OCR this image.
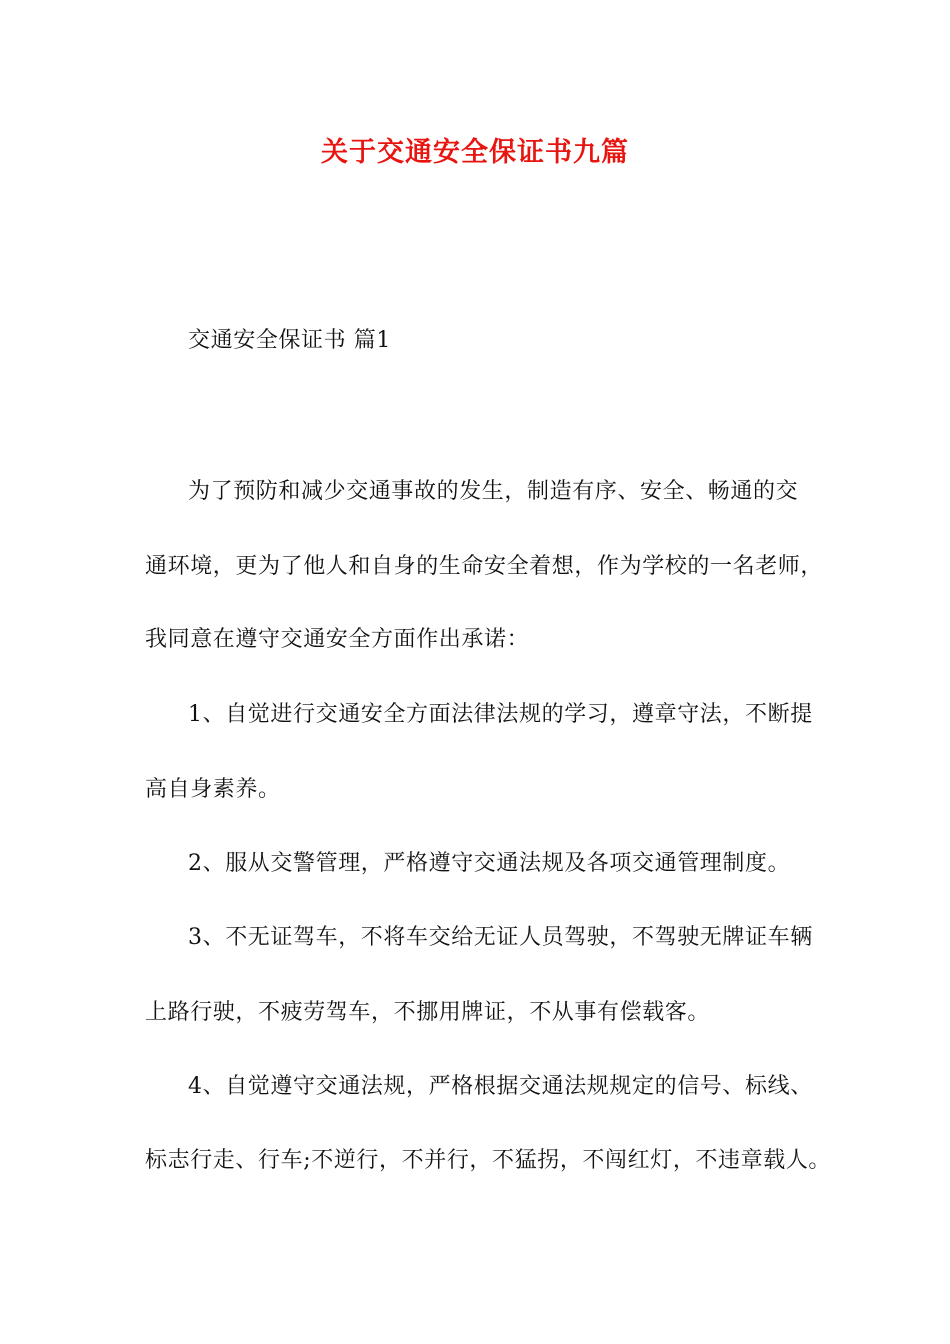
关于交通安全保证书九篇
交通安全保证书 篇1
为了预防和减少交通事故的发生，制造有序、安全、畅通的交
通环境，更为了他人和自身的生命安全着想，作为学校的一名老师，
我同意在遵守交通安全方面作出承诺：
1、自觉进行交通安全方面法律法规的学习，遵章守法，不断提
高自身素养。
2、服从交警管理，严格遵守交通法规及各项交通管理制度。
3、不无证驾车，不将车交给无证人员驾驶，不驾驶无牌证车辆
上路行驶，不疲劳驾车，不挪用牌证，不从事有偿载客。
4、自觉遵守交通法规，严格根据交通法规规定的信号、标线、
标志行走、行车;不逆行，不并行，不猛拐，不闯红灯，不违章载人。
